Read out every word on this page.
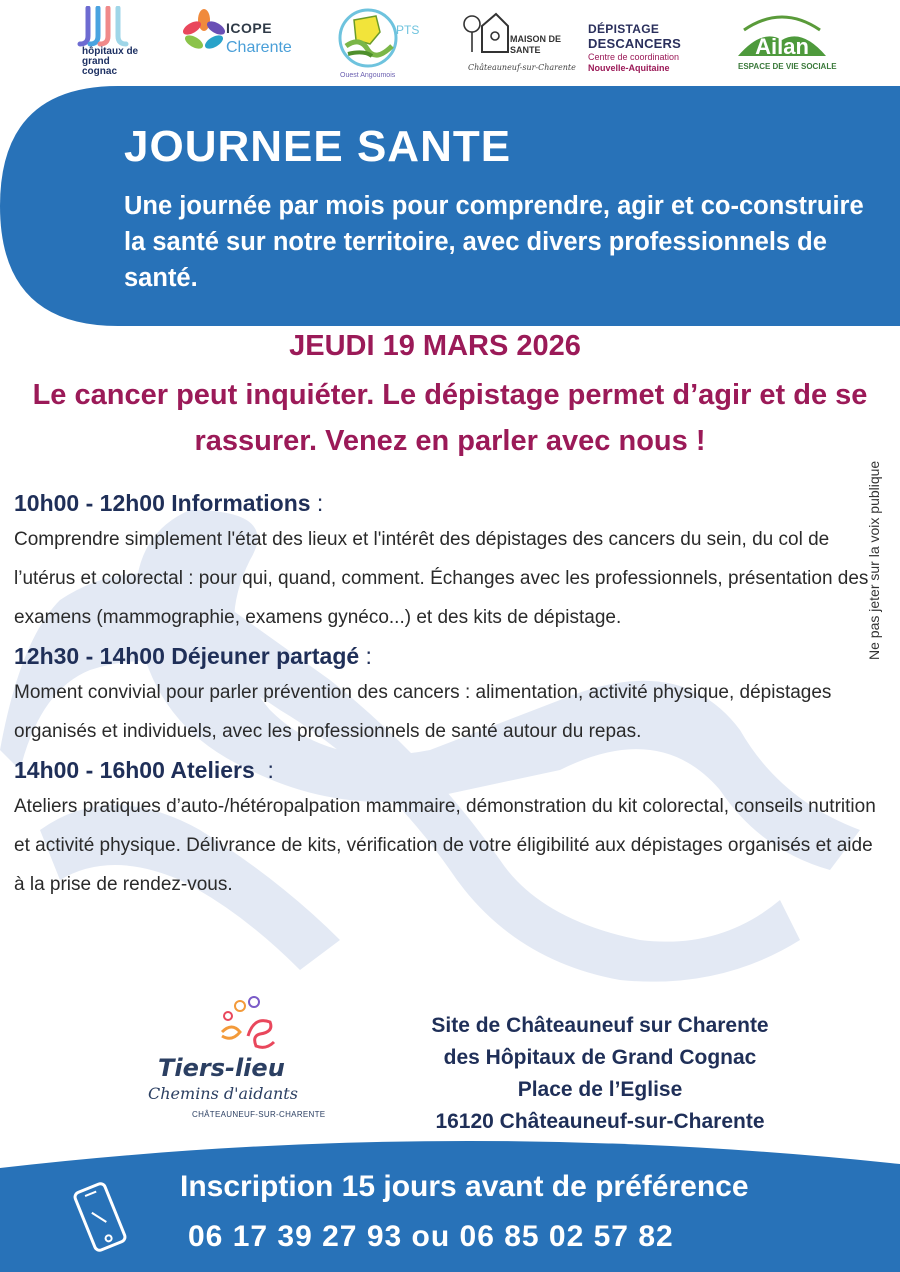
hôpitaux de grand cognac
ICOPE
Charente
PTS
Ouest Angoumois
MAISON DE SANTE
Châteauneuf-sur-Charente
DÉPISTAGE
DESCANCERS
Centre de coordination
Nouvelle-Aquitaine
Ailan
ESPACE DE VIE SOCIALE
JOURNEE SANTE
Une journée par mois pour comprendre, agir et co-construire la santé sur notre territoire, avec divers professionnels de santé.
JEUDI 19 MARS 2026
Le cancer peut inquiéter. Le dépistage permet d’agir et de se rassurer. Venez en parler avec nous !
Ne pas jeter sur la voix publique
10h00 - 12h00 Informations :
Comprendre simplement l'état des lieux et l'intérêt des dépistages des cancers du sein, du col de l’utérus et colorectal : pour qui, quand, comment. Échanges avec les professionnels, présentation des examens (mammographie, examens gynéco...) et des kits de dépistage.
12h30 - 14h00 Déjeuner partagé :
Moment convivial pour parler prévention des cancers : alimentation, activité physique, dépistages organisés et individuels, avec les professionnels de santé autour du repas.
14h00 - 16h00 Ateliers  :
Ateliers pratiques d’auto-/hétéropalpation mammaire, démonstration du kit colorectal, conseils nutrition et activité physique. Délivrance de kits, vérification de votre éligibilité aux dépistages organisés et aide à la prise de rendez-vous.
Tiers-lieu
Chemins d'aidants
CHÂTEAUNEUF-SUR-CHARENTE
Site de Châteauneuf sur Charente
des Hôpitaux de Grand Cognac
Place de l’Eglise
16120 Châteauneuf-sur-Charente
Inscription 15 jours avant de préférence
06 17 39 27 93 ou 06 85 02 57 82
